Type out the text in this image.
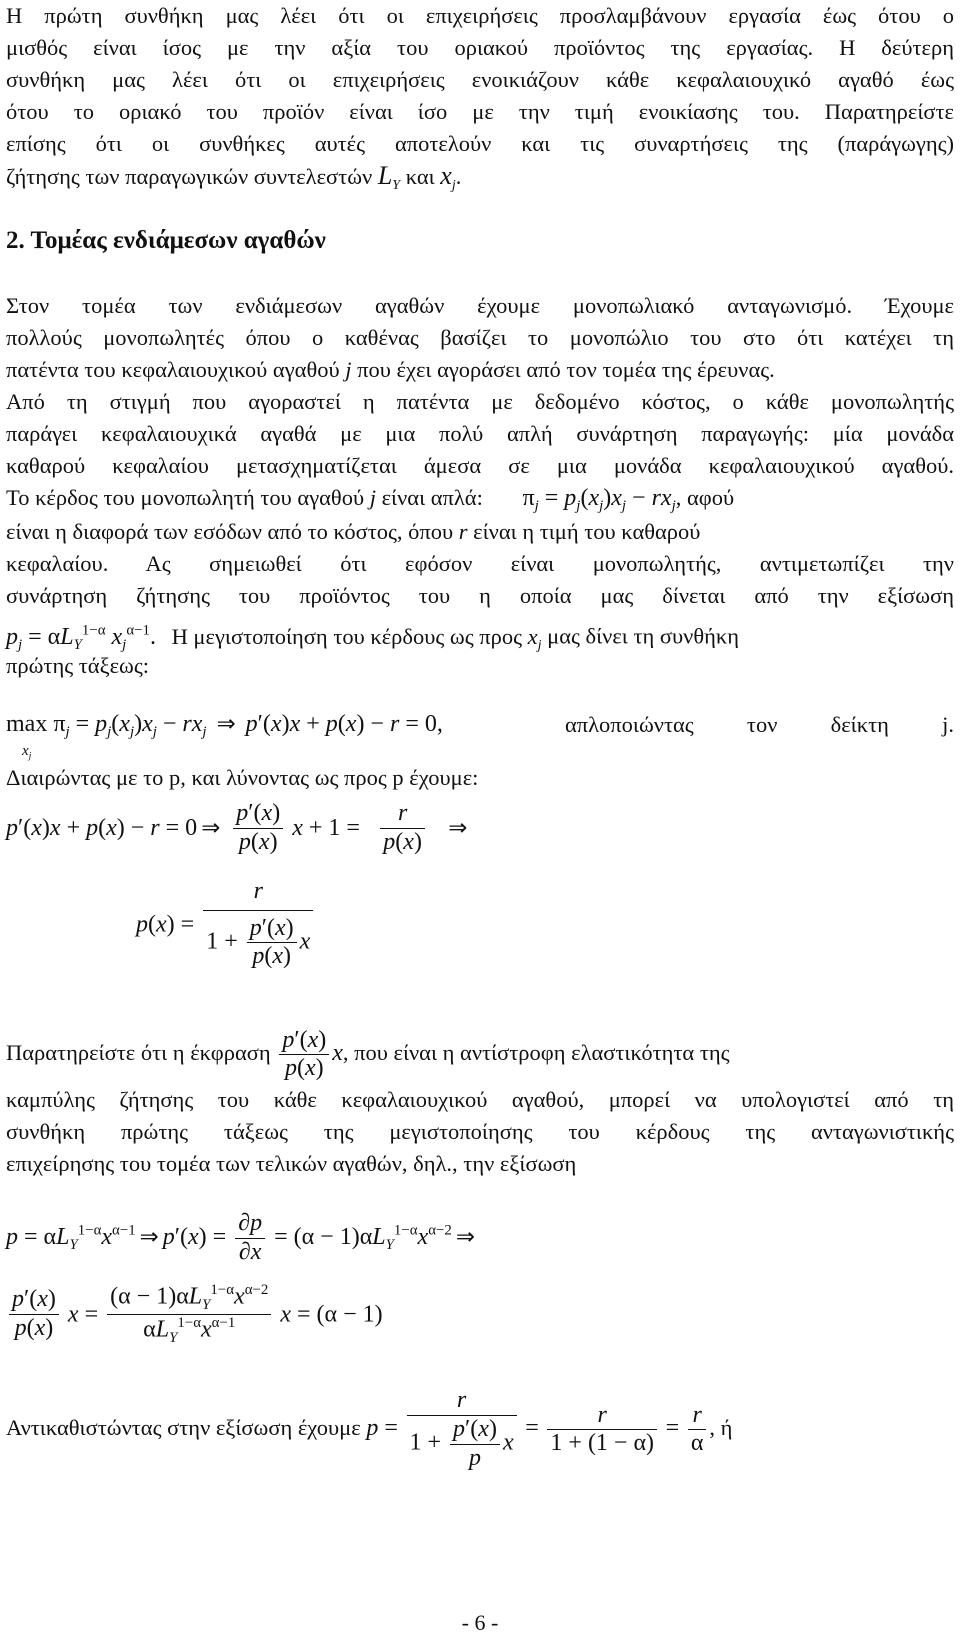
Η πρώτη συνθήκη μας λέει ότι οι επιχειρήσεις προσλαμβάνουν εργασία έως ότου ο
μισθός είναι ίσος με την αξία του οριακού προϊόντος της εργασίας. Η δεύτερη
συνθήκη μας λέει ότι οι επιχειρήσεις ενοικιάζουν κάθε κεφαλαιουχικό αγαθό έως
ότου το οριακό του προϊόν είναι ίσο με την τιμή ενοικίασης του. Παρατηρείστε
επίσης ότι οι συνθήκες αυτές αποτελούν και τις συναρτήσεις της (παράγωγης)
ζήτησης των παραγωγικών συντελεστών $L_Y$ και $x_j$.
2. Τομέας ενδιάμεσων αγαθών
Στον τομέα των ενδιάμεσων αγαθών έχουμε μονοπωλιακό ανταγωνισμό. Έχουμε
πολλούς μονοπωλητές όπου ο καθένας βασίζει το μονοπώλιο του στο ότι κατέχει τη
πατέντα του κεφαλαιουχικού αγαθού j που έχει αγοράσει από τον τομέα της έρευνας.
Από τη στιγμή που αγοραστεί η πατέντα με δεδομένο κόστος, ο κάθε μονοπωλητής
παράγει κεφαλαιουχικά αγαθά με μια πολύ απλή συνάρτηση παραγωγής: μία μονάδα
καθαρού κεφαλαίου μετασχηματίζεται άμεσα σε μια μονάδα κεφαλαιουχικού αγαθού.
Το κέρδος του μονοπωλητή του αγαθού j είναι απλά: $\pi_j = p_j(x_j)x_j - rx_j$, αφού
είναι η διαφορά των εσόδων από το κόστος, όπου r είναι η τιμή του καθαρού
κεφαλαίου. Ας σημειωθεί ότι εφόσον είναι μονοπωλητής, αντιμετωπίζει την
συνάρτηση ζήτησης του προϊόντος του η οποία μας δίνεται από την εξίσωση
$p_j = \alpha L_Y^{1-\alpha}$ $x_j^{\alpha-1}$. Η μεγιστοποίηση του κέρδους ως προς $x_j$ μας δίνει τη συνθήκη
πρώτης τάξεως:
max
$x_j$ $\pi_j = p_j(x_j)x_j - rx_j$ ⇒ p′(x)x + p(x) − r = 0,	απλοποιώντας τον δείκτη j.
Διαιρώντας με το p, και λύνοντας ως προς p έχουμε:
p′(x)x + p(x) − r = 0 ⇒ $\frac{p'(x)}{p(x)}$ $x + 1 = \frac{r}{p(x)}$ ⇒
$p(x) = \frac{r}{1 + \frac{p'(x)}{p(x)} x}$
Παρατηρείστε ότι η έκφραση $\frac{p'(x)}{p(x)} x$, που είναι η αντίστροφη ελαστικότητα της
καμπύλης ζήτησης του κάθε κεφαλαιουχικού αγαθού, μπορεί να υπολογιστεί από τη
συνθήκη πρώτης τάξεως της μεγιστοποίησης του κέρδους της ανταγωνιστικής
επιχείρησης του τομέα των τελικών αγαθών, δηλ., την εξίσωση
$p = \alpha L_Y^{1-\alpha}x^{\alpha-1}$ ⇒ $p'(x) = \frac{\partial p}{\partial x} = (\alpha - 1)\alpha L_Y^{1-\alpha}x^{\alpha-2}$ ⇒
$\frac{p'(x)}{p(x)}$ $x = \frac{(\alpha - 1)\alpha L_Y^{1-\alpha}x^{\alpha-2}}{\alpha L_Y^{1-\alpha}x^{\alpha-1}}$ x = (α − 1)
Αντικαθιστώντας στην εξίσωση έχουμε $p = \frac{r}{1 + \frac{p'(x)}{p} x} = \frac{r}{1 + (1 - \alpha)} = \frac{r}{\alpha}$ , ή
- 6 -
